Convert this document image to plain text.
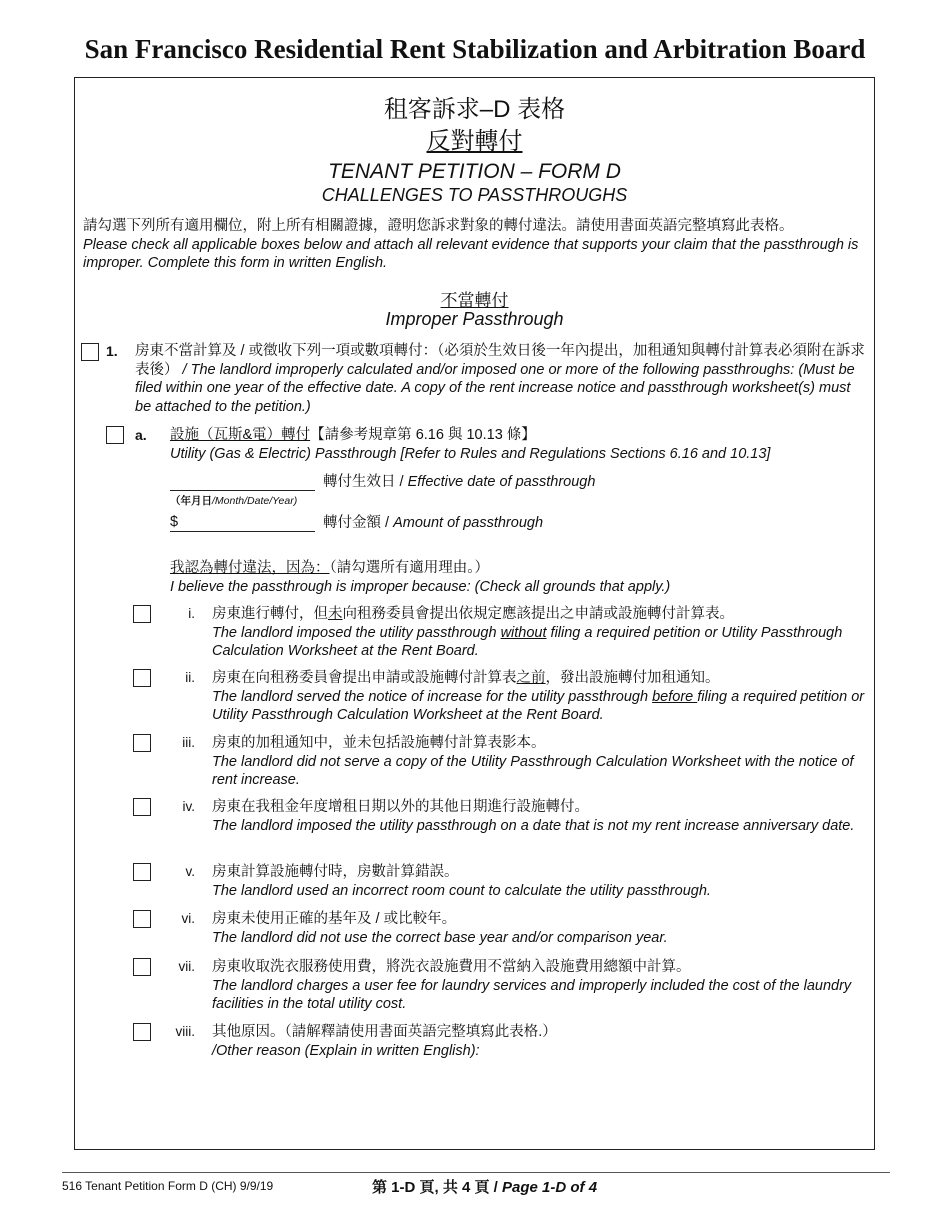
San Francisco Residential Rent Stabilization and Arbitration Board
租客訴求–D 表格
反對轉付
TENANT PETITION – FORM D
CHALLENGES TO PASSTHROUGHS
請勾選下列所有適用欄位，附上所有相關證據，證明您訴求對象的轉付違法。請使用書面英語完整填寫此表格。
Please check all applicable boxes below and attach all relevant evidence that supports your claim that the passthrough is improper. Complete this form in written English.
不當轉付
Improper Passthrough
1. 房東不當計算及 / 或徵收下列一項或數項轉付：（必須於生效日後一年內提出，加租通知與轉付計算表必須附在訴求表後） / The landlord improperly calculated and/or imposed one or more of the following passthroughs: (Must be filed within one year of the effective date. A copy of the rent increase notice and passthrough worksheet(s) must be attached to the petition.)
a. 設施（瓦斯&電）轉付【請參考規章第 6.16 與 10.13 條】
Utility (Gas & Electric) Passthrough [Refer to Rules and Regulations Sections 6.16 and 10.13]
轉付生效日 / Effective date of passthrough
（年月日/Month/Date/Year)
$	轉付金額 / Amount of passthrough
我認為轉付違法，因為：（請勾選所有適用理由。）
I believe the passthrough is improper because: (Check all grounds that apply.)
i. 房東進行轉付，但未向租務委員會提出依規定應該提出之申請或設施轉付計算表。
The landlord imposed the utility passthrough without filing a required petition or Utility Passthrough Calculation Worksheet at the Rent Board.
ii. 房東在向租務委員會提出申請或設施轉付計算表之前，發出設施轉付加租通知。
The landlord served the notice of increase for the utility passthrough before filing a required petition or Utility Passthrough Calculation Worksheet at the Rent Board.
iii. 房東的加租通知中，並未包括設施轉付計算表影本。
The landlord did not serve a copy of the Utility Passthrough Calculation Worksheet with the notice of rent increase.
iv. 房東在我租金年度增租日期以外的其他日期進行設施轉付。
The landlord imposed the utility passthrough on a date that is not my rent increase anniversary date.
v. 房東計算設施轉付時，房數計算錯誤。
The landlord used an incorrect room count to calculate the utility passthrough.
vi. 房東未使用正確的基年及 / 或比較年。
The landlord did not use the correct base year and/or comparison year.
vii. 房東收取洗衣服務使用費，將洗衣設施費用不當納入設施費用總額中計算。
The landlord charges a user fee for laundry services and improperly included the cost of the laundry facilities in the total utility cost.
viii. 其他原因。（請解釋請使用書面英語完整填寫此表格.）
/Other reason (Explain in written English):
516 Tenant Petition Form D (CH) 9/9/19	第 1-D 頁, 共 4 頁 / Page 1-D of 4
